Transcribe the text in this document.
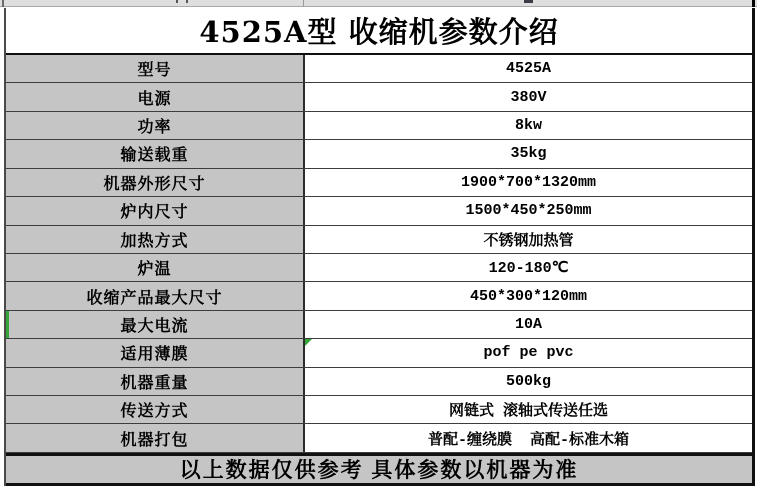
4525A型 收缩机参数介绍
型号	4525A
电源	380V
功率	8kw
输送载重	35kg
机器外形尺寸	1900*700*1320mm
炉内尺寸	1500*450*250mm
加热方式	不锈钢加热管
炉温	120-180℃
收缩产品最大尺寸	450*300*120mm
最大电流	10A
适用薄膜	pof pe pvc
机器重量	500kg
传送方式	网链式 滚轴式传送任选
机器打包	普配-缠绕膜  高配-标准木箱
以上数据仅供参考 具体参数以机器为准
